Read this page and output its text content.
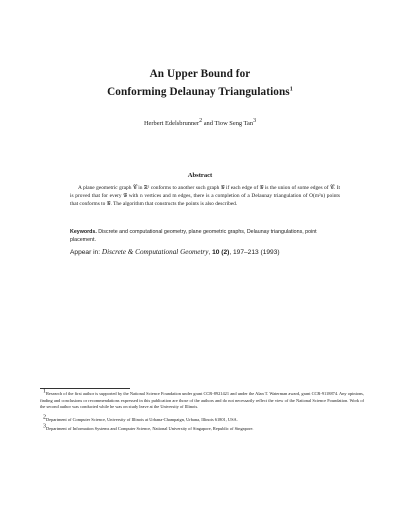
An Upper Bound for
Conforming Delaunay Triangulations$^1$
Herbert Edelsbrunner$^2$ and Tiow Seng Tan$^3$
Abstract
A plane geometric graph 𝒞 in ℝ² conforms to another such graph 𝒢 if each edge of 𝒢 is the union of some edges of 𝒞. It is proved that for every 𝒢 with n vertices and m edges, there is a completion of a Delaunay triangulation of O(m²n) points that conforms to 𝒢. The algorithm that constructs the points is also described.
Keywords. Discrete and computational geometry, plane geometric graphs, Delaunay triangulations, point placement.
Appear in: Discrete & Computational Geometry, 10 (2), 197–213 (1993)
$^1$Research of the first author is supported by the National Science Foundation under grant CCR-8921421 and under the Alan T. Waterman award, grant CCR-9118874. Any opinions, finding and conclusions or recommendations expressed in this publication are those of the authors and do not necessarily reflect the view of the National Science Foundation. Work of the second author was conducted while he was on study leave at the University of Illinois.
$^2$Department of Computer Science, University of Illinois at Urbana-Champaign, Urbana, Illinois 61801, USA.
$^3$Department of Information Systems and Computer Science, National University of Singapore, Republic of Singapore.
